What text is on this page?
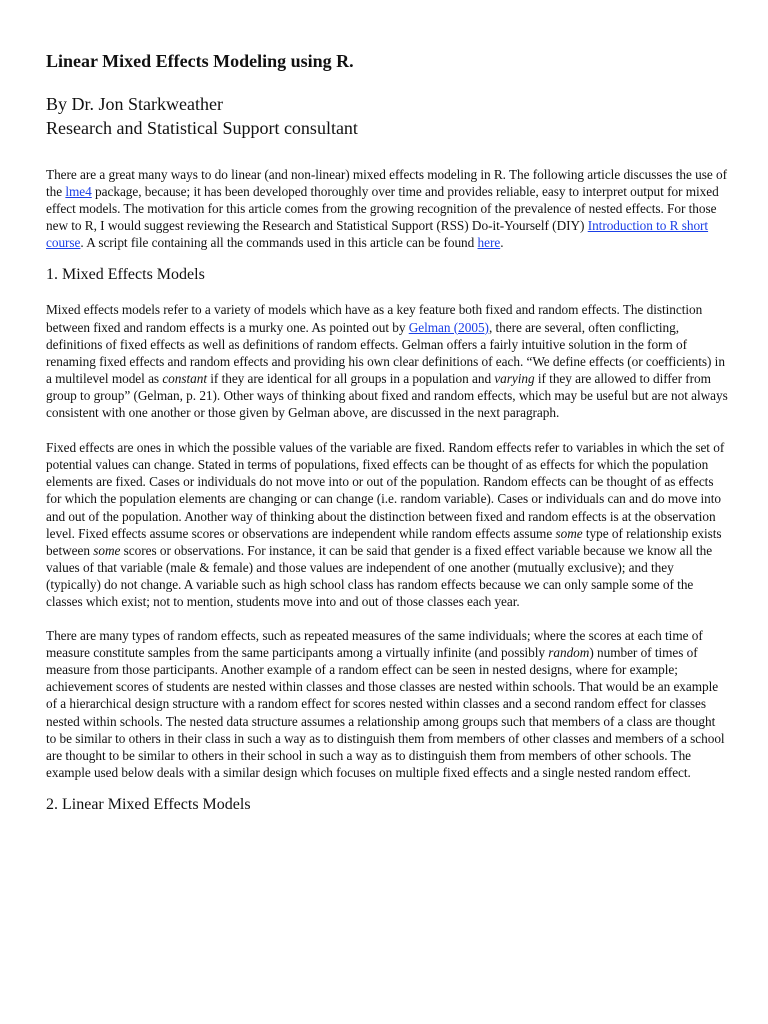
Linear Mixed Effects Modeling using R.
By Dr. Jon Starkweather
Research and Statistical Support consultant

There are a great many ways to do linear (and non-linear) mixed effects modeling in R. The following article discusses the use of the lme4 package, because; it has been developed thoroughly over time and provides reliable, easy to interpret output for mixed effect models. The motivation for this article comes from the growing recognition of the prevalence of nested effects. For those new to R, I would suggest reviewing the Research and Statistical Support (RSS) Do-it-Yourself (DIY) Introduction to R short course. A script file containing all the commands used in this article can be found here.

1. Mixed Effects Models

Mixed effects models refer to a variety of models which have as a key feature both fixed and random effects. The distinction between fixed and random effects is a murky one. As pointed out by Gelman (2005), there are several, often conflicting, definitions of fixed effects as well as definitions of random effects. Gelman offers a fairly intuitive solution in the form of renaming fixed effects and random effects and providing his own clear definitions of each. “We define effects (or coefficients) in a multilevel model as constant if they are identical for all groups in a population and varying if they are allowed to differ from group to group” (Gelman, p. 21). Other ways of thinking about fixed and random effects, which may be useful but are not always consistent with one another or those given by Gelman above, are discussed in the next paragraph.

Fixed effects are ones in which the possible values of the variable are fixed. Random effects refer to variables in which the set of potential values can change. Stated in terms of populations, fixed effects can be thought of as effects for which the population elements are fixed. Cases or individuals do not move into or out of the population. Random effects can be thought of as effects for which the population elements are changing or can change (i.e. random variable). Cases or individuals can and do move into and out of the population. Another way of thinking about the distinction between fixed and random effects is at the observation level. Fixed effects assume scores or observations are independent while random effects assume some type of relationship exists between some scores or observations. For instance, it can be said that gender is a fixed effect variable because we know all the values of that variable (male & female) and those values are independent of one another (mutually exclusive); and they (typically) do not change. A variable such as high school class has random effects because we can only sample some of the classes which exist; not to mention, students move into and out of those classes each year.

There are many types of random effects, such as repeated measures of the same individuals; where the scores at each time of measure constitute samples from the same participants among a virtually infinite (and possibly random) number of times of measure from those participants. Another example of a random effect can be seen in nested designs, where for example; achievement scores of students are nested within classes and those classes are nested within schools. That would be an example of a hierarchical design structure with a random effect for scores nested within classes and a second random effect for classes nested within schools. The nested data structure assumes a relationship among groups such that members of a class are thought to be similar to others in their class in such a way as to distinguish them from members of other classes and members of a school are thought to be similar to others in their school in such a way as to distinguish them from members of other schools. The example used below deals with a similar design which focuses on multiple fixed effects and a single nested random effect.

2. Linear Mixed Effects Models
